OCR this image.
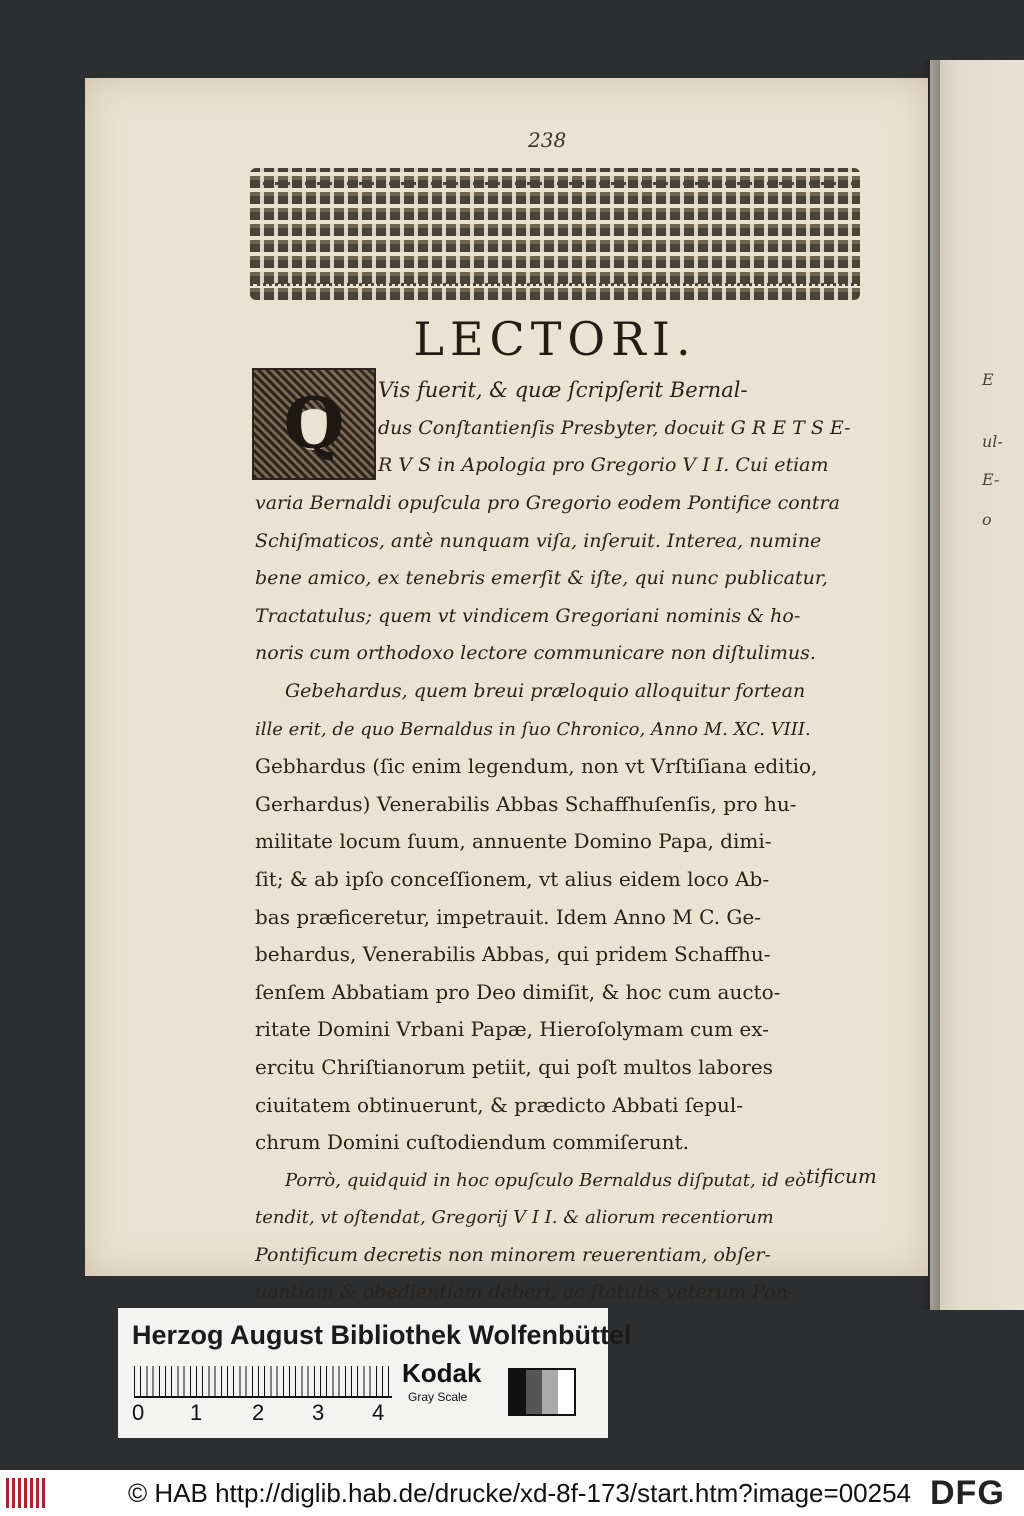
E
ul-
E-
o
238
LECTORI.
Q	Vis fuerit, & quæ ſcripſerit Bernal-
dus Conſtantienſis Presbyter, docuit G R E T S E-
R V S in Apologia pro Gregorio V I I. Cui etiam
varia Bernaldi opuſcula pro Gregorio eodem Pontifice contra
Schiſmaticos, antè nunquam viſa, inſeruit. Interea, numine
bene amico, ex tenebris emerſit & iſte, qui nunc publicatur,
Tractatulus; quem vt vindicem Gregoriani nominis & ho-
noris cum orthodoxo lectore communicare non diſtulimus.
Gebehardus, quem breui præloquio alloquitur fortean
ille erit, de quo Bernaldus in ſuo Chronico, Anno M. XC. VIII.
Gebhardus (ſic enim legendum, non vt Vrſtiſiana editio,
Gerhardus) Venerabilis Abbas Schaffhuſenſis, pro hu-
militate locum ſuum, annuente Domino Papa, dimi-
ſit; & ab ipſo conceſſionem, vt alius eidem loco Ab-
bas præficeretur, impetrauit. Idem Anno M C. Ge-
behardus, Venerabilis Abbas, qui pridem Schaffhu-
ſenſem Abbatiam pro Deo dimiſit, & hoc cum aucto-
ritate Domini Vrbani Papæ, Hieroſolymam cum ex-
ercitu Chriſtianorum petiit, qui poſt multos labores
ciuitatem obtinuerunt, & prædicto Abbati ſepul-
chrum Domini cuſtodiendum commiſerunt.
Porrò, quidquid in hoc opuſculo Bernaldus diſputat, id eò
tendit, vt oſtendat, Gregorij V I I. & aliorum recentiorum
Pontificum decretis non minorem reuerentiam, obſer-
uantiam & obedientiam deberi, ac ſtatutis veterum Pon-
tificum
Herzog August Bibliothek Wolfenbüttel
0 1 2 3 4
Kodak
Gray Scale
© HAB http://diglib.hab.de/drucke/xd-8f-173/start.htm?image=00254 DFG
